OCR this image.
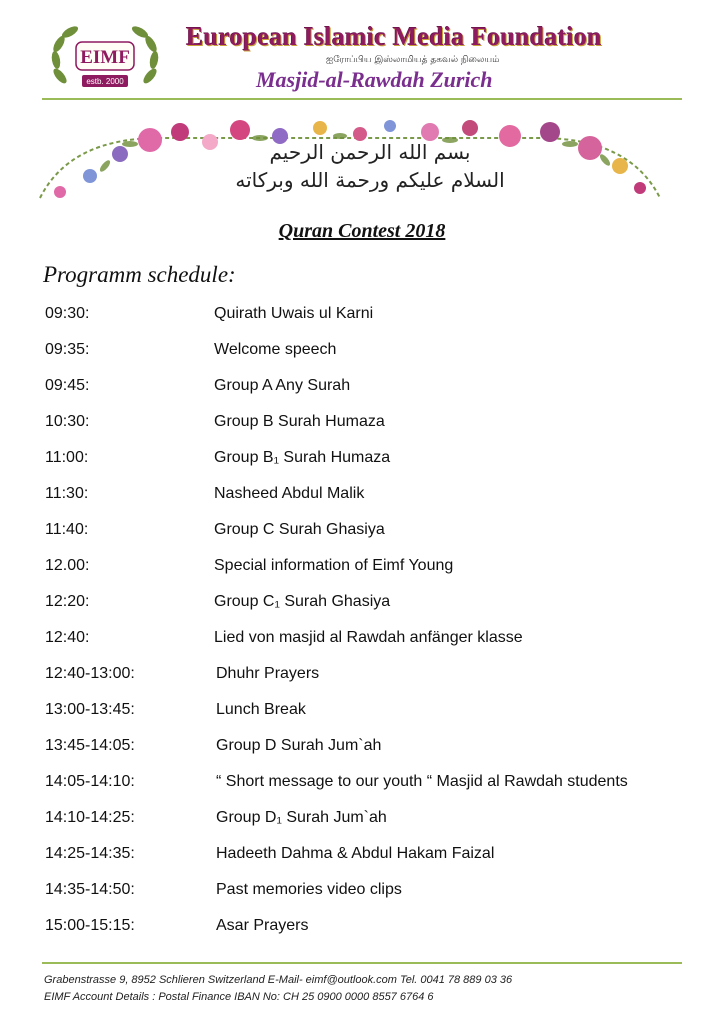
EIMF
estb. 2000
European Islamic Media Foundation
ஐரோப்பிய இஸ்லாமியத் தகவல் நிலையம்
Masjid-al-Rawdah Zurich
بسم الله الرحمن الرحيم
السلام عليكم ورحمة الله وبركاته
Quran Contest 2018
Programm schedule:
09:30:	Quirath Uwais ul Karni
09:35:	Welcome speech
09:45:	Group A Any Surah
10:30:	Group B Surah Humaza
11:00:	Group B₁ Surah Humaza
11:30:	Nasheed Abdul Malik
11:40:	Group C Surah Ghasiya
12.00:	Special information of Eimf Young
12:20:	Group C₁ Surah Ghasiya
12:40:	Lied von masjid al Rawdah anfänger klasse
12:40-13:00:	Dhuhr Prayers
13:00-13:45:	Lunch Break
13:45-14:05:	Group D Surah Jum`ah
14:05-14:10:	“ Short message to our youth “ Masjid al Rawdah students
14:10-14:25:	Group D₁ Surah Jum`ah
14:25-14:35:	Hadeeth Dahma & Abdul Hakam Faizal
14:35-14:50:	Past memories video clips
15:00-15:15:	Asar Prayers
Grabenstrasse 9, 8952 Schlieren Switzerland E-Mail- eimf@outlook.com Tel. 0041 78 889 03 36
EIMF Account Details : Postal Finance IBAN No: CH 25 0900 0000 8557 6764 6
